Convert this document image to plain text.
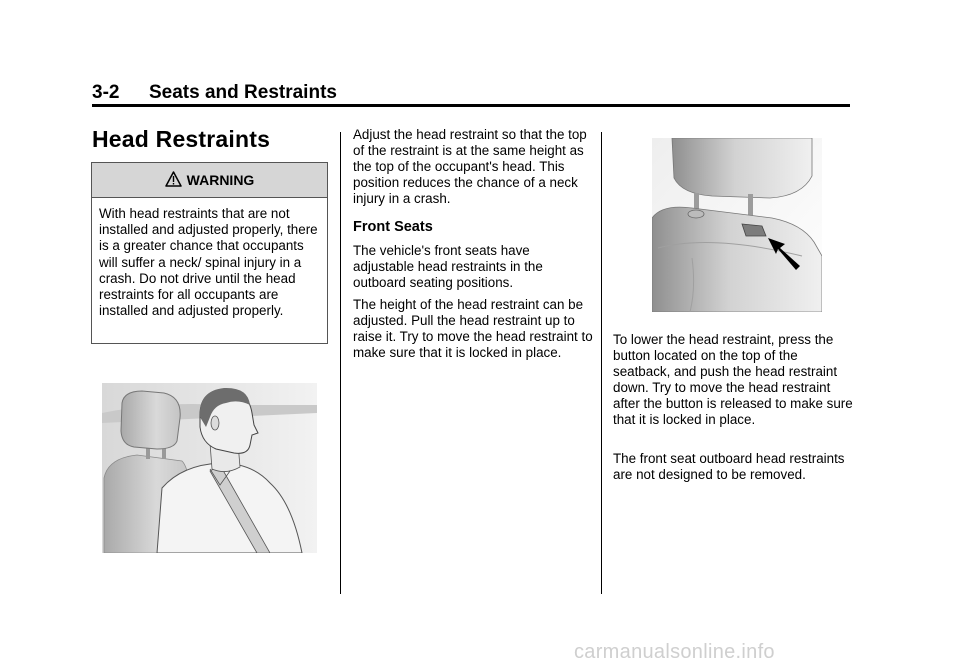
3-2 Seats and Restraints
Head Restraints
WARNING
With head restraints that are not installed and adjusted properly, there is a greater chance that occupants will suffer a neck/ spinal injury in a crash. Do not drive until the head restraints for all occupants are installed and adjusted properly.

Adjust the head restraint so that the top of the restraint is at the same height as the top of the occupant's head. This position reduces the chance of a neck injury in a crash.

Front Seats

The vehicle's front seats have adjustable head restraints in the outboard seating positions.

The height of the head restraint can be adjusted. Pull the head restraint up to raise it. Try to move the head restraint to make sure that it is locked in place.

To lower the head restraint, press the button located on the top of the seatback, and push the head restraint down. Try to move the head restraint after the button is released to make sure that it is locked in place.

The front seat outboard head restraints are not designed to be removed.

carmanualsonline.info
